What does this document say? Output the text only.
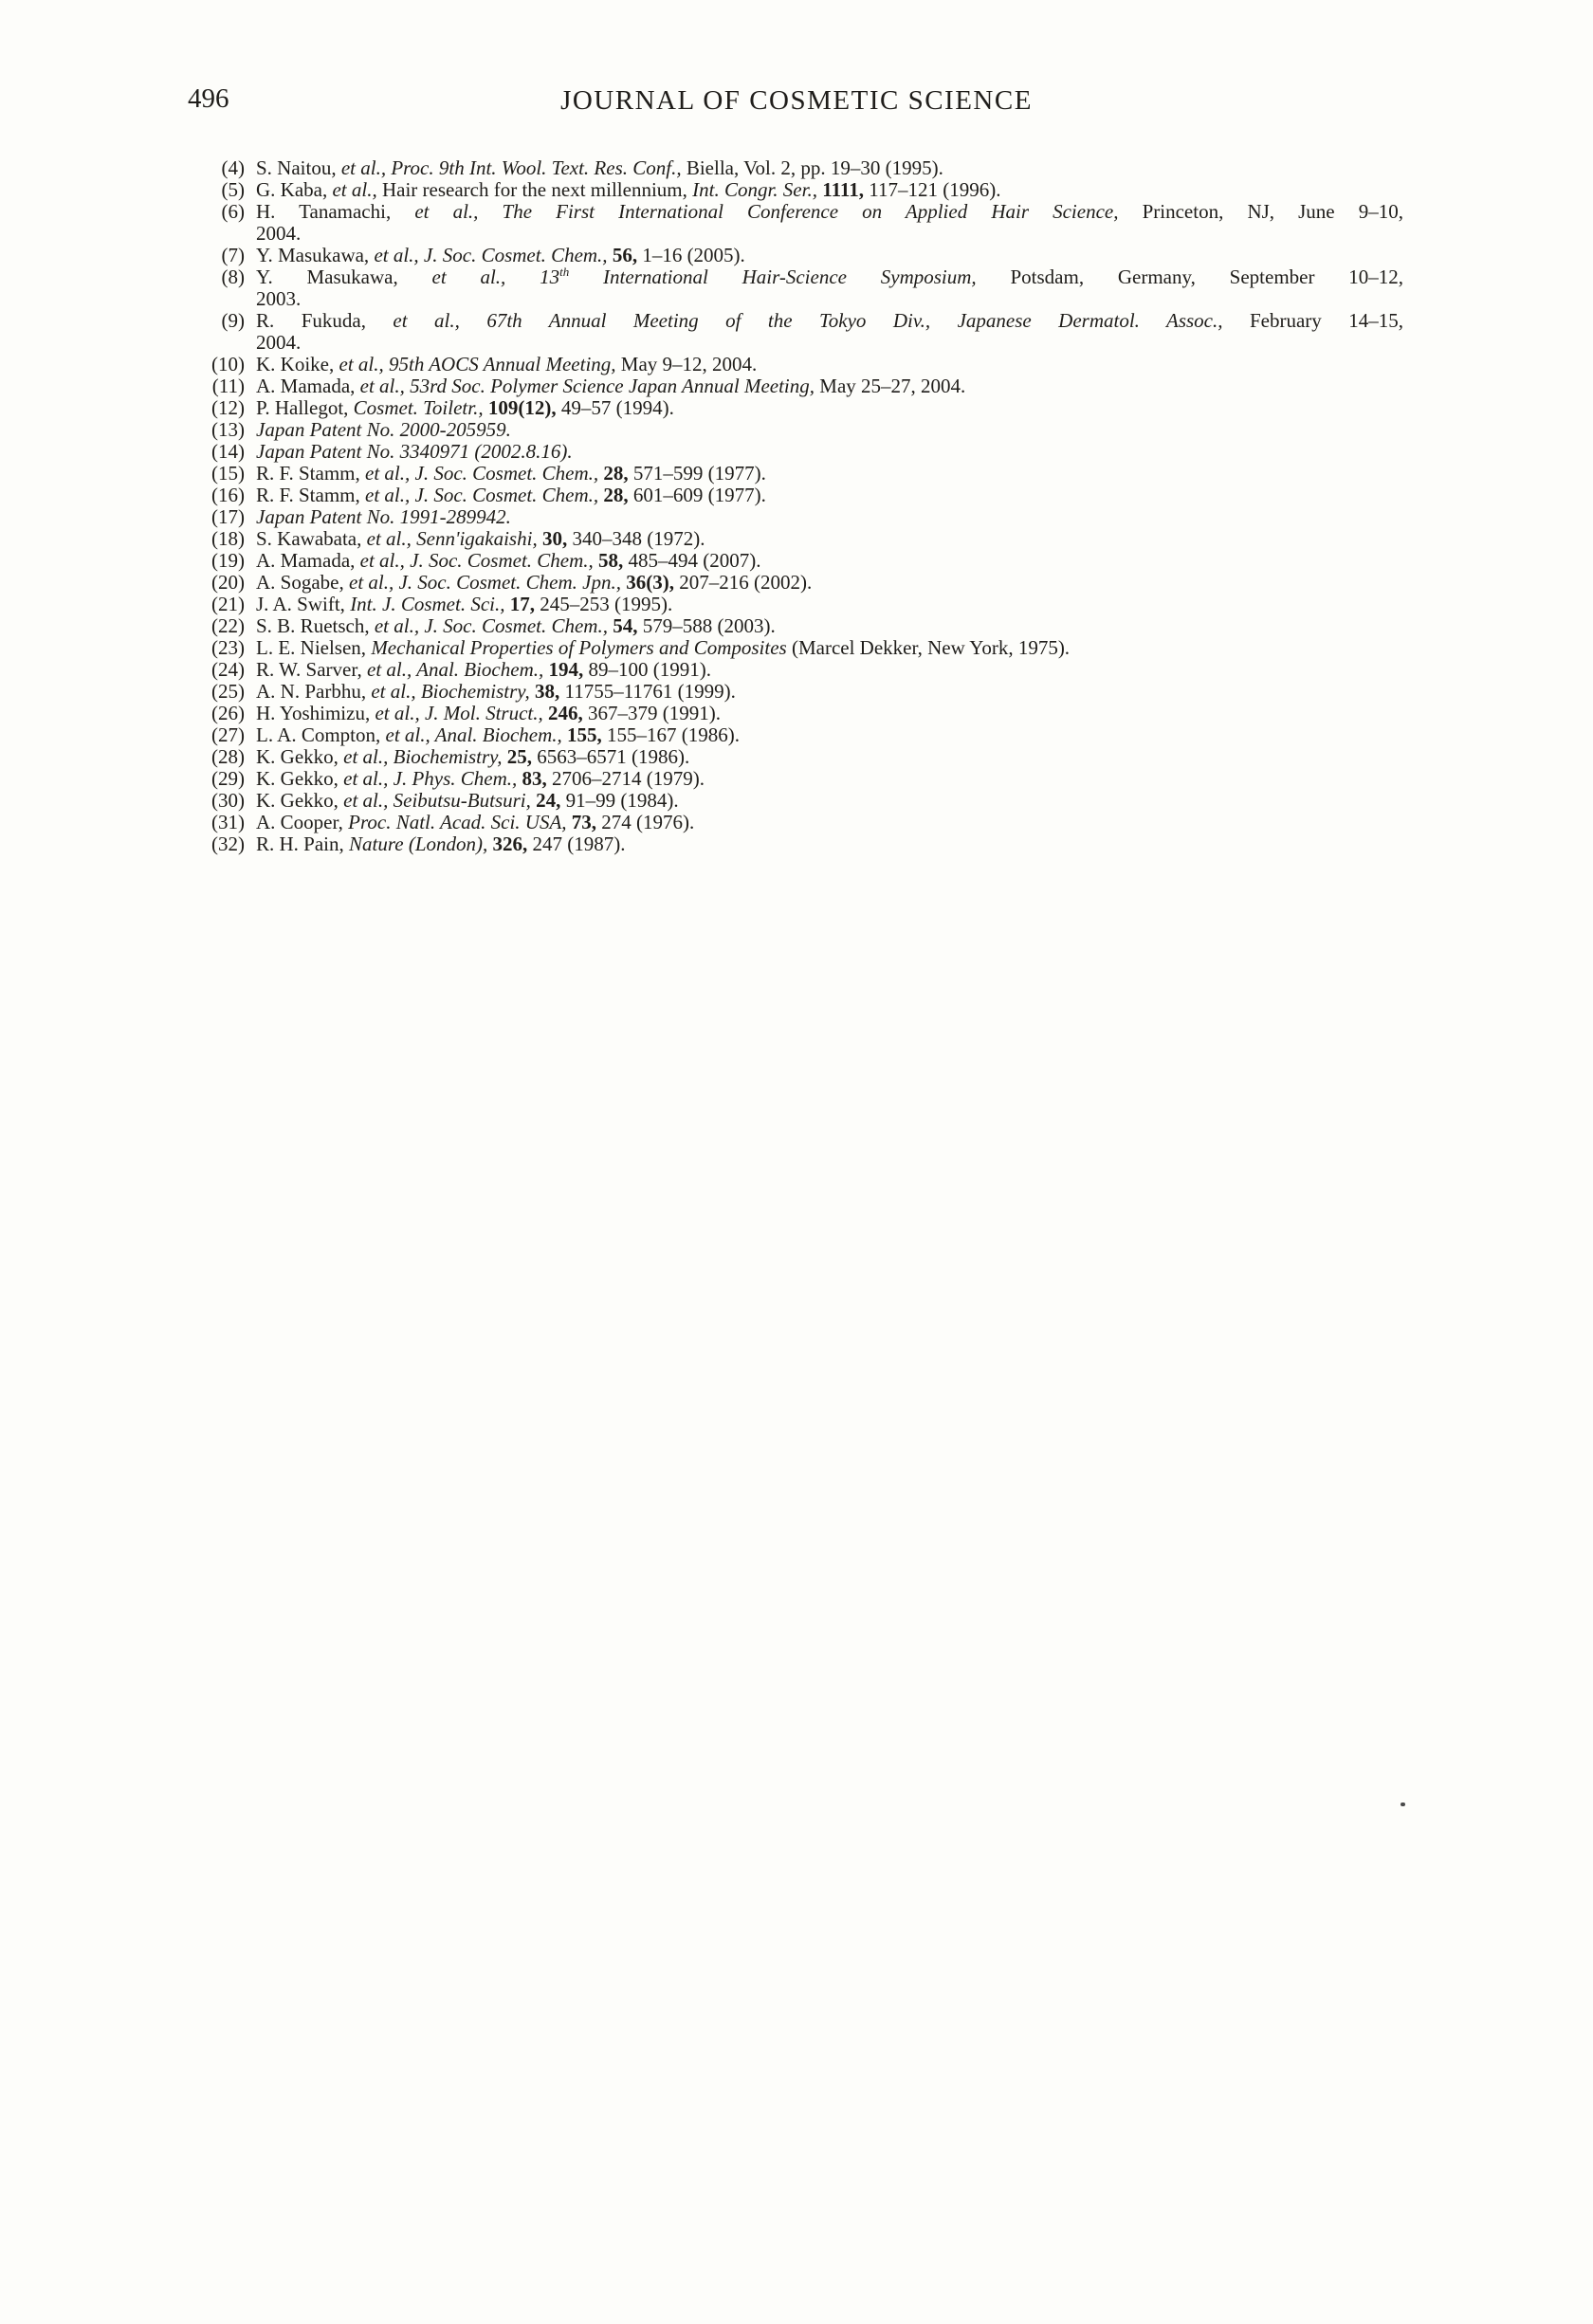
496	JOURNAL OF COSMETIC SCIENCE
(4) S. Naitou, et al., Proc. 9th Int. Wool. Text. Res. Conf., Biella, Vol. 2, pp. 19–30 (1995).
(5) G. Kaba, et al., Hair research for the next millennium, Int. Congr. Ser., 1111, 117–121 (1996).
(6) H. Tanamachi, et al., The First International Conference on Applied Hair Science, Princeton, NJ, June 9–10,
2004.
(7) Y. Masukawa, et al., J. Soc. Cosmet. Chem., 56, 1–16 (2005).
(8) Y. Masukawa, et al., 13th International Hair-Science Symposium, Potsdam, Germany, September 10–12,
2003.
(9) R. Fukuda, et al., 67th Annual Meeting of the Tokyo Div., Japanese Dermatol. Assoc., February 14–15,
2004.
(10) K. Koike, et al., 95th AOCS Annual Meeting, May 9–12, 2004.
(11) A. Mamada, et al., 53rd Soc. Polymer Science Japan Annual Meeting, May 25–27, 2004.
(12) P. Hallegot, Cosmet. Toiletr., 109(12), 49–57 (1994).
(13) Japan Patent No. 2000-205959.
(14) Japan Patent No. 3340971 (2002.8.16).
(15) R. F. Stamm, et al., J. Soc. Cosmet. Chem., 28, 571–599 (1977).
(16) R. F. Stamm, et al., J. Soc. Cosmet. Chem., 28, 601–609 (1977).
(17) Japan Patent No. 1991-289942.
(18) S. Kawabata, et al., Senn'igakaishi, 30, 340–348 (1972).
(19) A. Mamada, et al., J. Soc. Cosmet. Chem., 58, 485–494 (2007).
(20) A. Sogabe, et al., J. Soc. Cosmet. Chem. Jpn., 36(3), 207–216 (2002).
(21) J. A. Swift, Int. J. Cosmet. Sci., 17, 245–253 (1995).
(22) S. B. Ruetsch, et al., J. Soc. Cosmet. Chem., 54, 579–588 (2003).
(23) L. E. Nielsen, Mechanical Properties of Polymers and Composites (Marcel Dekker, New York, 1975).
(24) R. W. Sarver, et al., Anal. Biochem., 194, 89–100 (1991).
(25) A. N. Parbhu, et al., Biochemistry, 38, 11755–11761 (1999).
(26) H. Yoshimizu, et al., J. Mol. Struct., 246, 367–379 (1991).
(27) L. A. Compton, et al., Anal. Biochem., 155, 155–167 (1986).
(28) K. Gekko, et al., Biochemistry, 25, 6563–6571 (1986).
(29) K. Gekko, et al., J. Phys. Chem., 83, 2706–2714 (1979).
(30) K. Gekko, et al., Seibutsu-Butsuri, 24, 91–99 (1984).
(31) A. Cooper, Proc. Natl. Acad. Sci. USA, 73, 274 (1976).
(32) R. H. Pain, Nature (London), 326, 247 (1987).
